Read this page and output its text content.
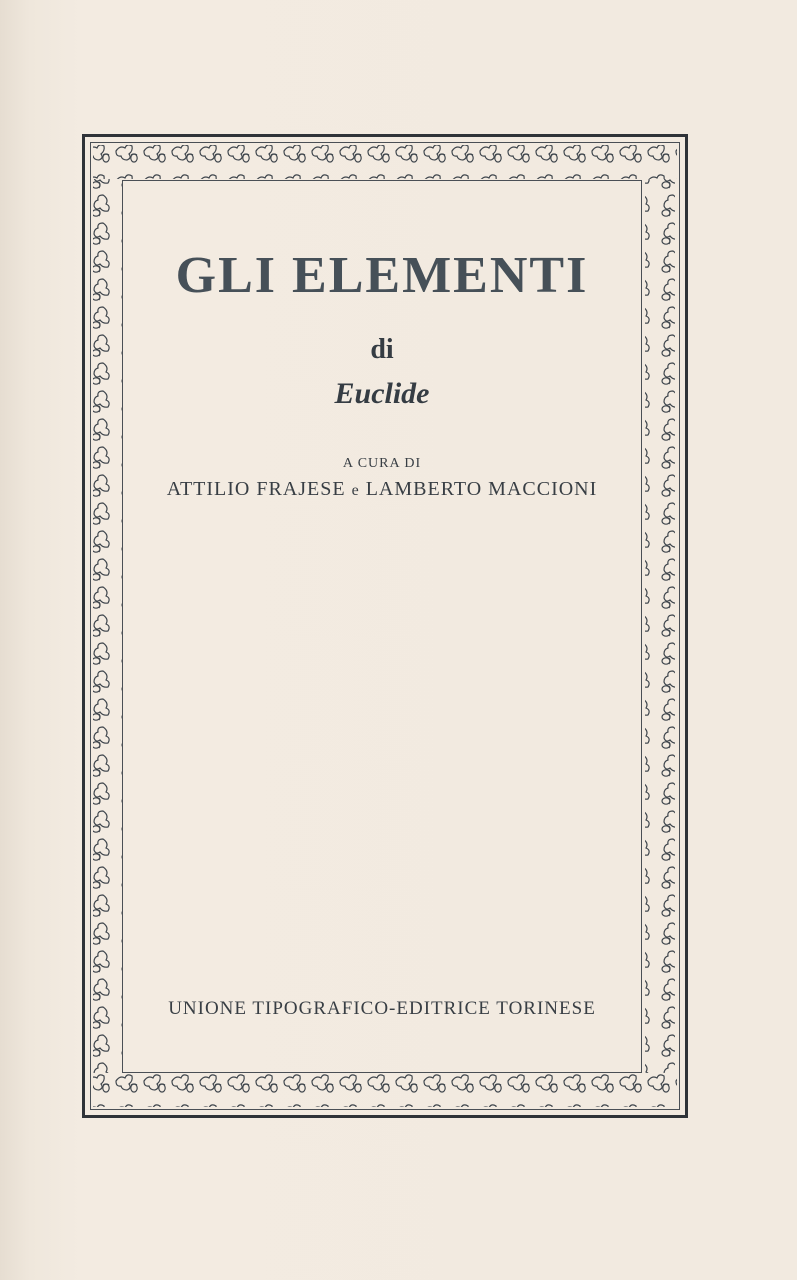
GLI ELEMENTI
di
Euclide
A CURA DI
ATTILIO FRAJESE e LAMBERTO MACCIONI
UNIONE TIPOGRAFICO-EDITRICE TORINESE
